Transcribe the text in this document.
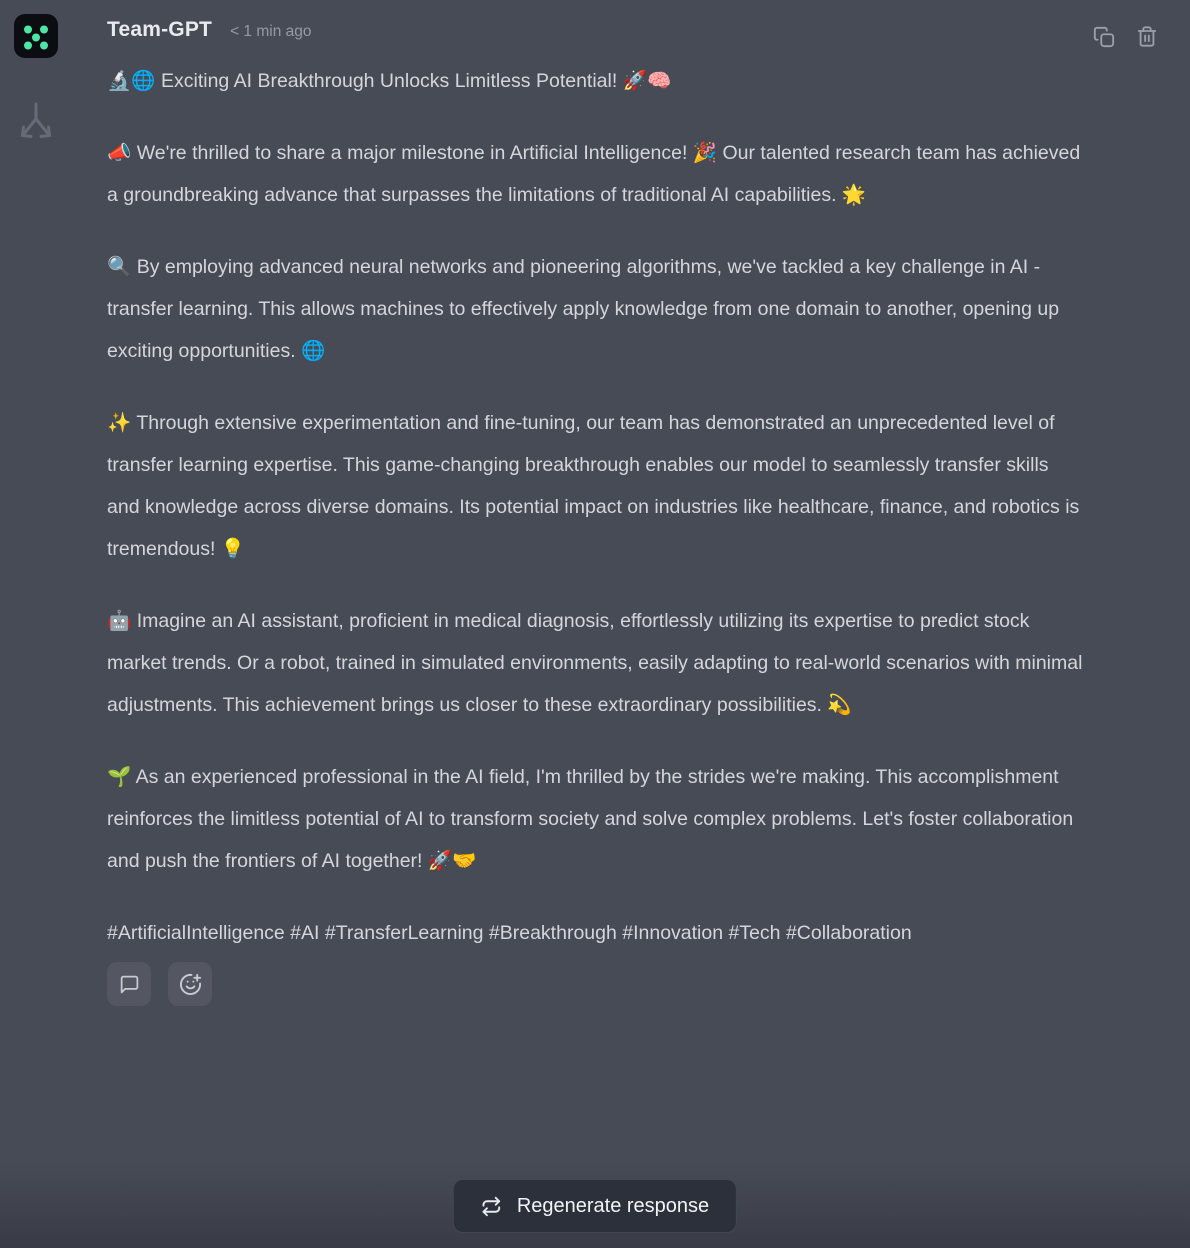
Team-GPT < 1 min ago

🔬🌐 Exciting AI Breakthrough Unlocks Limitless Potential! 🚀🧠

📣 We're thrilled to share a major milestone in Artificial Intelligence! 🎉 Our talented research team has achieved a groundbreaking advance that surpasses the limitations of traditional AI capabilities. 🌟

🔍 By employing advanced neural networks and pioneering algorithms, we've tackled a key challenge in AI - transfer learning. This allows machines to effectively apply knowledge from one domain to another, opening up exciting opportunities. 🌐

✨ Through extensive experimentation and fine-tuning, our team has demonstrated an unprecedented level of transfer learning expertise. This game-changing breakthrough enables our model to seamlessly transfer skills and knowledge across diverse domains. Its potential impact on industries like healthcare, finance, and robotics is tremendous! 💡

🤖 Imagine an AI assistant, proficient in medical diagnosis, effortlessly utilizing its expertise to predict stock market trends. Or a robot, trained in simulated environments, easily adapting to real-world scenarios with minimal adjustments. This achievement brings us closer to these extraordinary possibilities. 💫

🌱 As an experienced professional in the AI field, I'm thrilled by the strides we're making. This accomplishment reinforces the limitless potential of AI to transform society and solve complex problems. Let's foster collaboration and push the frontiers of AI together! 🚀🤝

#ArtificialIntelligence #AI #TransferLearning #Breakthrough #Innovation #Tech #Collaboration

Regenerate response
